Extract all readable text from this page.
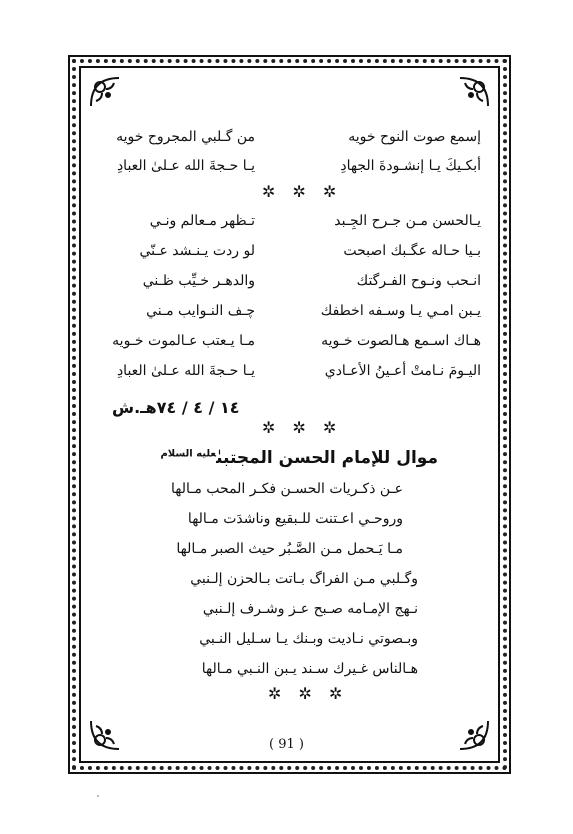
إسمع صوت النوح خويه
من گـلبي المجروح خويه
أبكـيكَ يـا إنشـودةَ الجهادِ
يـا حـجةَ الله عـلىٰ العبادِ
✲ ✲ ✲
يـالحسن مـن جـرح الجِـبد
تـظهر مـعالم ونـي
بـيا حـاله عگـبك اصبحت
لو ردت يـنـشد عـنّي
انـحب ونـوح الفـرگتك
والدهـر خـيِّب ظـني
يـبن امـي يـا وسـفه اخطفك
چـف النـوايب مـني
هـاك اسـمع هـالصوت خـويه
مـا يـعتب عـالموت خـويه
اليـومَ نـامتْ أعـينُ الأعـادي
يـا حـجةَ الله عـلىٰ العبادِ
١٤ / ٤ / ٧٤هـ.ش
✲ ✲ ✲
موال للإمام الحسن المجتبىٰ$^{عليه السلام}$
عـن ذكـريات الحسـن فكـر المحب مـالها
وروحـي اعـتنت للـبقيع وناشدَت مـالها
مـا يَـحمل مـن الصَّـبُر حيث الصبر مـالها
وگـلبي مـن الفراگ بـاتت بـالحزن إلـنبي
نـهج الإمـامه صـبح عـز وشـرف إلـنبي
وبـصوتي نـاديت وبـنك يـا سـليل النـبي
هـالناس غـيرك سـند يـبن النـبي مـالها
✲ ✲ ✲
( 91 )
